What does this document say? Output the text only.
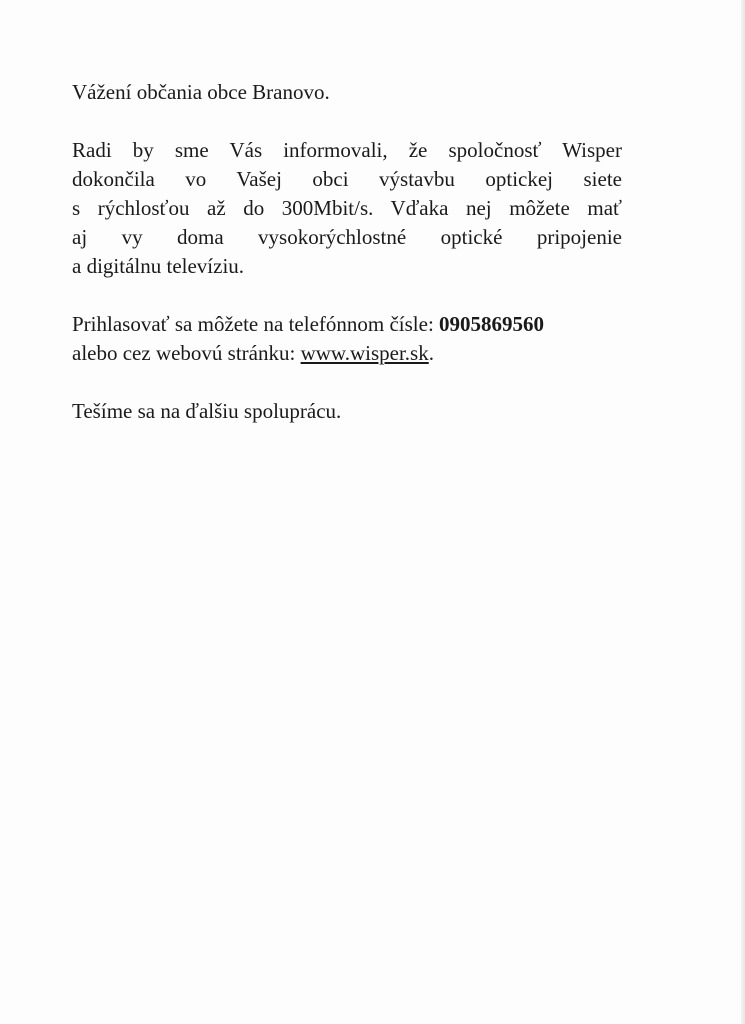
Vážení občania obce Branovo.

Radi by sme Vás informovali, že spoločnosť Wisper
dokončila vo Vašej obci výstavbu optickej siete
s rýchlosťou až do 300Mbit/s. Vďaka nej môžete mať
aj vy doma vysokorýchlostné optické pripojenie
a digitálnu televíziu.

Prihlasovať sa môžete na telefónnom čísle: 0905869560
alebo cez webovú stránku: www.wisper.sk.

Tešíme sa na ďalšiu spoluprácu.
